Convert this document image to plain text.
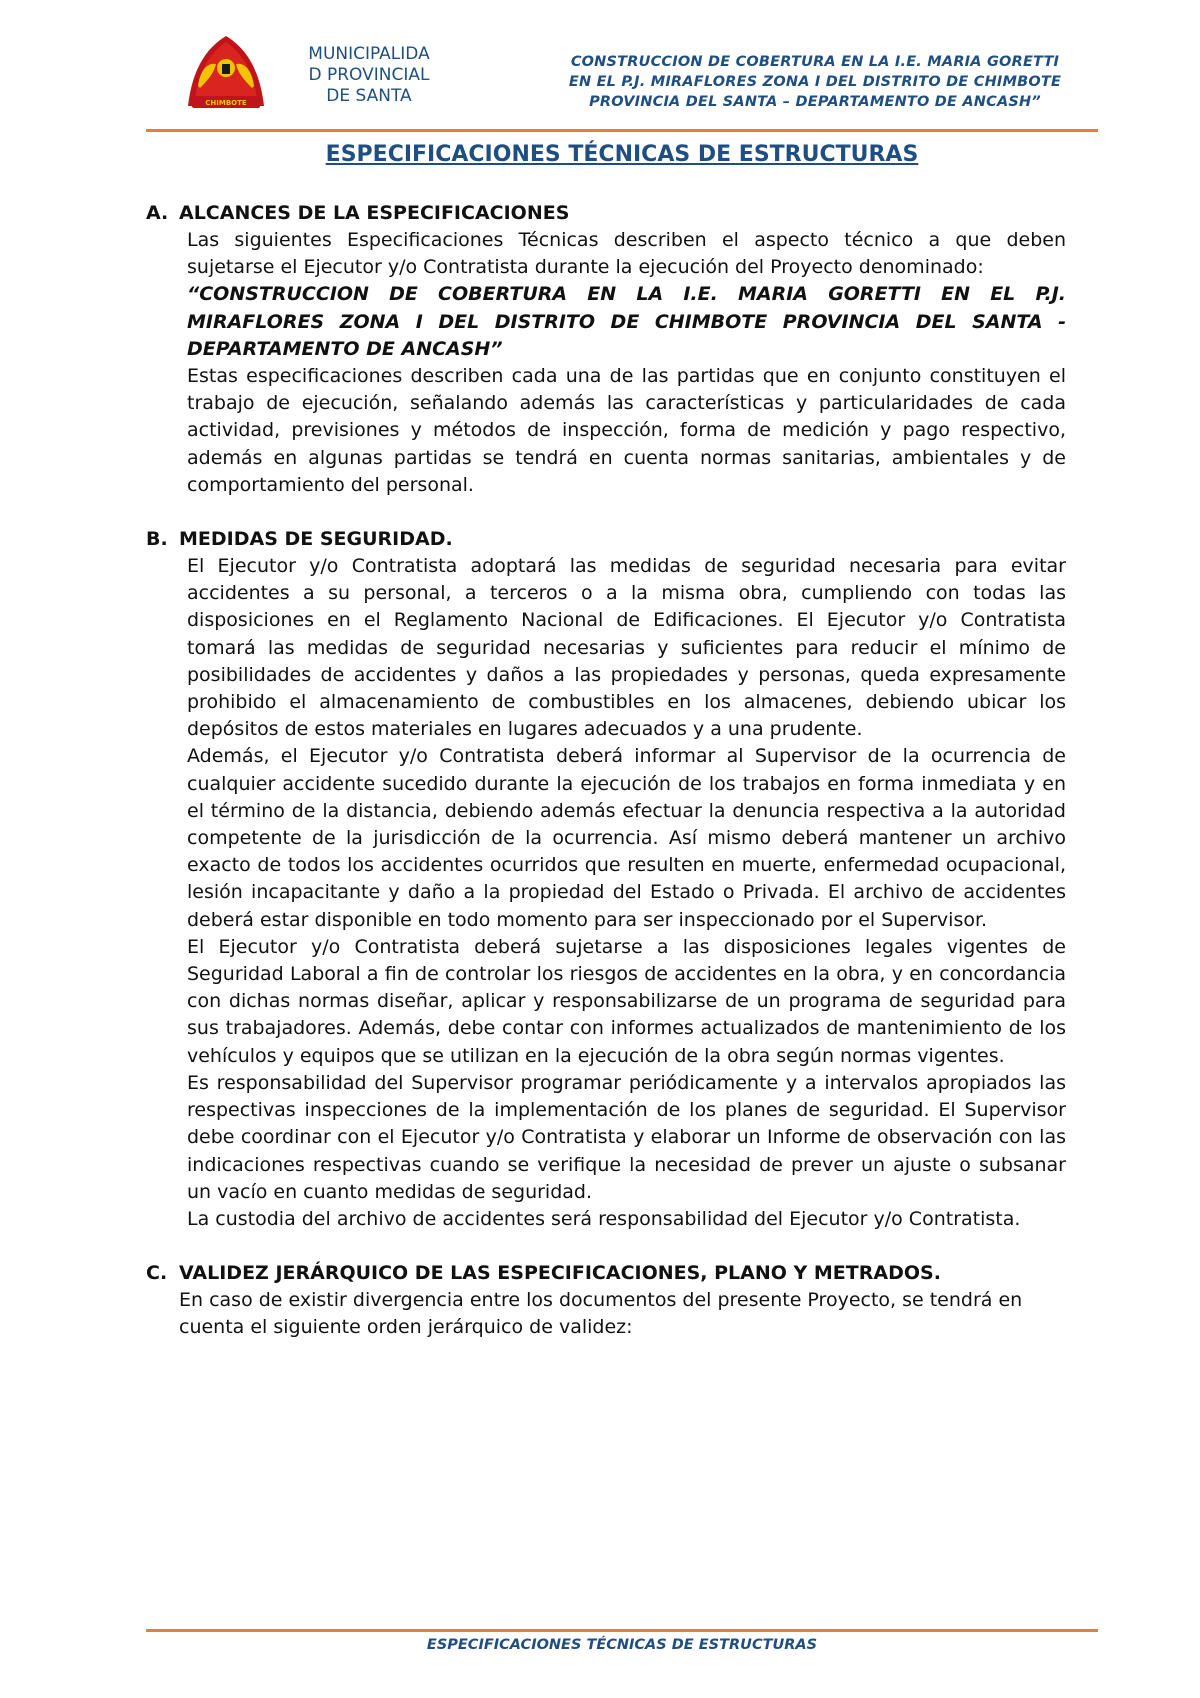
CHIMBOTE
MUNICIPALIDA
D PROVINCIAL
DE SANTA
CONSTRUCCION DE COBERTURA EN LA I.E. MARIA GORETTI
EN EL P.J. MIRAFLORES ZONA I DEL DISTRITO DE CHIMBOTE
PROVINCIA DEL SANTA – DEPARTAMENTO DE ANCASH”
ESPECIFICACIONES TÉCNICAS DE ESTRUCTURAS
A. ALCANCES DE LA ESPECIFICACIONES
Las siguientes Especificaciones Técnicas describen el aspecto técnico a que deben sujetarse el Ejecutor y/o Contratista durante la ejecución del Proyecto denominado:
“CONSTRUCCION DE COBERTURA EN LA I.E. MARIA GORETTI EN EL P.J. MIRAFLORES ZONA I DEL DISTRITO DE CHIMBOTE PROVINCIA DEL SANTA - DEPARTAMENTO DE ANCASH”
Estas especificaciones describen cada una de las partidas que en conjunto constituyen el trabajo de ejecución, señalando además las características y particularidades de cada actividad, previsiones y métodos de inspección, forma de medición y pago respectivo, además en algunas partidas se tendrá en cuenta normas sanitarias, ambientales y de comportamiento del personal.
B. MEDIDAS DE SEGURIDAD.
El Ejecutor y/o Contratista adoptará las medidas de seguridad necesaria para evitar accidentes a su personal, a terceros o a la misma obra, cumpliendo con todas las disposiciones en el Reglamento Nacional de Edificaciones. El Ejecutor y/o Contratista tomará las medidas de seguridad necesarias y suficientes para reducir el mínimo de posibilidades de accidentes y daños a las propiedades y personas, queda expresamente prohibido el almacenamiento de combustibles en los almacenes, debiendo ubicar los depósitos de estos materiales en lugares adecuados y a una prudente.
Además, el Ejecutor y/o Contratista deberá informar al Supervisor de la ocurrencia de cualquier accidente sucedido durante la ejecución de los trabajos en forma inmediata y en el término de la distancia, debiendo además efectuar la denuncia respectiva a la autoridad competente de la jurisdicción de la ocurrencia. Así mismo deberá mantener un archivo exacto de todos los accidentes ocurridos que resulten en muerte, enfermedad ocupacional, lesión incapacitante y daño a la propiedad del Estado o Privada. El archivo de accidentes deberá estar disponible en todo momento para ser inspeccionado por el Supervisor.
El Ejecutor y/o Contratista deberá sujetarse a las disposiciones legales vigentes de Seguridad Laboral a fin de controlar los riesgos de accidentes en la obra, y en concordancia con dichas normas diseñar, aplicar y responsabilizarse de un programa de seguridad para sus trabajadores. Además, debe contar con informes actualizados de mantenimiento de los vehículos y equipos que se utilizan en la ejecución de la obra según normas vigentes.
Es responsabilidad del Supervisor programar periódicamente y a intervalos apropiados las respectivas inspecciones de la implementación de los planes de seguridad. El Supervisor debe coordinar con el Ejecutor y/o Contratista y elaborar un Informe de observación con las indicaciones respectivas cuando se verifique la necesidad de prever un ajuste o subsanar un vacío en cuanto medidas de seguridad.
La custodia del archivo de accidentes será responsabilidad del Ejecutor y/o Contratista.
C. VALIDEZ JERÁRQUICO DE LAS ESPECIFICACIONES, PLANO Y METRADOS.
En caso de existir divergencia entre los documentos del presente Proyecto, se tendrá en cuenta el siguiente orden jerárquico de validez:
ESPECIFICACIONES TÉCNICAS DE ESTRUCTURAS
